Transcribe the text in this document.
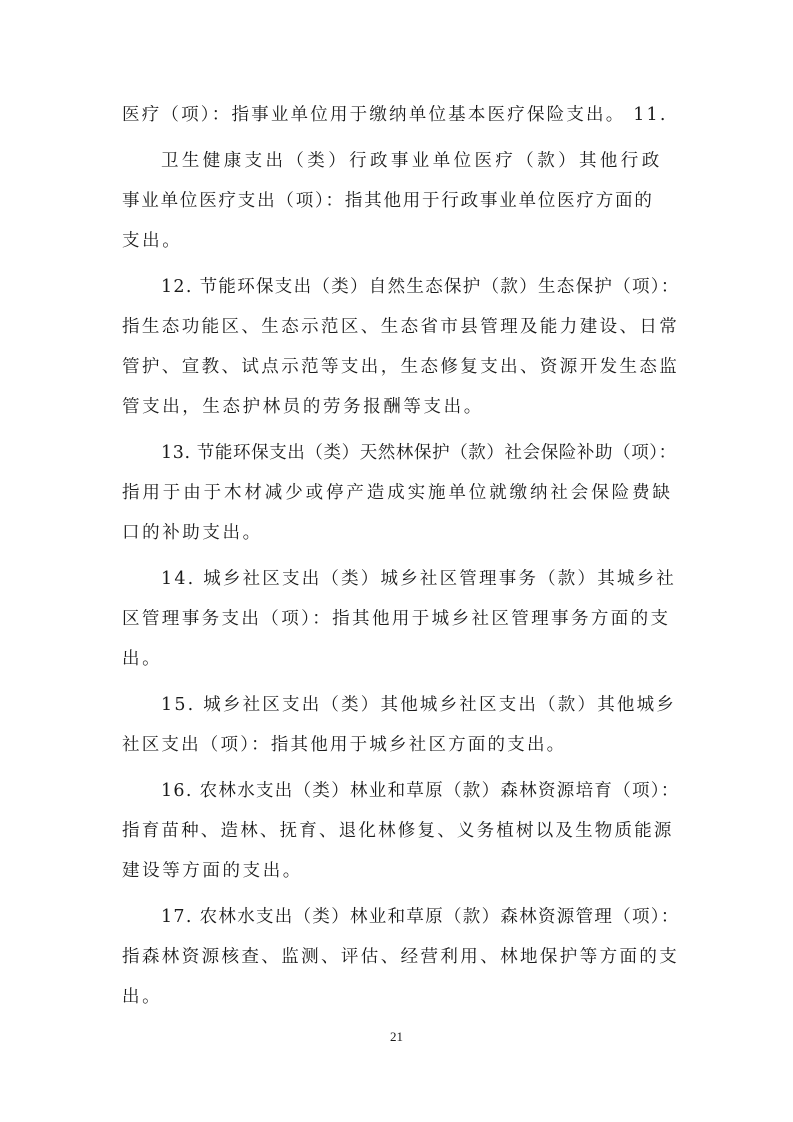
医疗（项）：指事业单位用于缴纳单位基本医疗保险支出。 11.
卫生健康支出（类）行政事业单位医疗（款）其他行政
事业单位医疗支出（项）：指其他用于行政事业单位医疗方面的
支出。
12. 节能环保支出（类）自然生态保护（款）生态保护（项）：
指生态功能区、生态示范区、生态省市县管理及能力建设、日常
管护、宣教、试点示范等支出，生态修复支出、资源开发生态监
管支出，生态护林员的劳务报酬等支出。
13. 节能环保支出（类）天然林保护（款）社会保险补助（项）：
指用于由于木材减少或停产造成实施单位就缴纳社会保险费缺
口的补助支出。
14. 城乡社区支出（类）城乡社区管理事务（款）其城乡社
区管理事务支出（项）：指其他用于城乡社区管理事务方面的支
出。
15. 城乡社区支出（类）其他城乡社区支出（款）其他城乡
社区支出（项）：指其他用于城乡社区方面的支出。
16. 农林水支出（类）林业和草原（款）森林资源培育（项）：
指育苗种、造林、抚育、退化林修复、义务植树以及生物质能源
建设等方面的支出。
17. 农林水支出（类）林业和草原（款）森林资源管理（项）：
指森林资源核查、监测、评估、经营利用、林地保护等方面的支
出。
21
